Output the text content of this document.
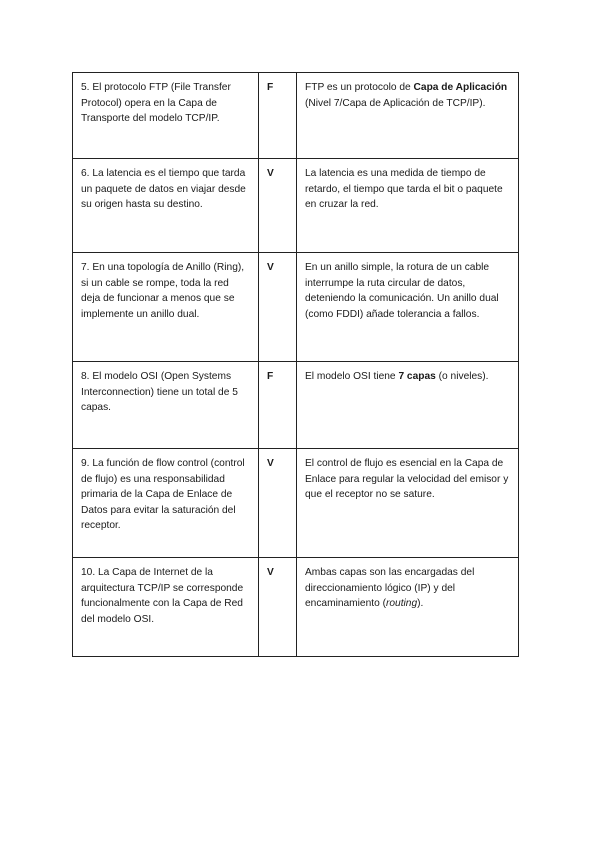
5. El protocolo FTP (File Transfer Protocol) opera en la Capa de Transporte del modelo TCP/IP.	F	FTP es un protocolo de Capa de Aplicación (Nivel 7/Capa de Aplicación de TCP/IP).
6. La latencia es el tiempo que tarda un paquete de datos en viajar desde su origen hasta su destino.	V	La latencia es una medida de tiempo de retardo, el tiempo que tarda el bit o paquete en cruzar la red.
7. En una topología de Anillo (Ring), si un cable se rompe, toda la red deja de funcionar a menos que se implemente un anillo dual.	V	En un anillo simple, la rotura de un cable interrumpe la ruta circular de datos, deteniendo la comunicación. Un anillo dual (como FDDI) añade tolerancia a fallos.
8. El modelo OSI (Open Systems Interconnection) tiene un total de 5 capas.	F	El modelo OSI tiene 7 capas (o niveles).
9. La función de flow control (control de flujo) es una responsabilidad primaria de la Capa de Enlace de Datos para evitar la saturación del receptor.	V	El control de flujo es esencial en la Capa de Enlace para regular la velocidad del emisor y que el receptor no se sature.
10. La Capa de Internet de la arquitectura TCP/IP se corresponde funcionalmente con la Capa de Red del modelo OSI.	V	Ambas capas son las encargadas del direccionamiento lógico (IP) y del encaminamiento (routing).
